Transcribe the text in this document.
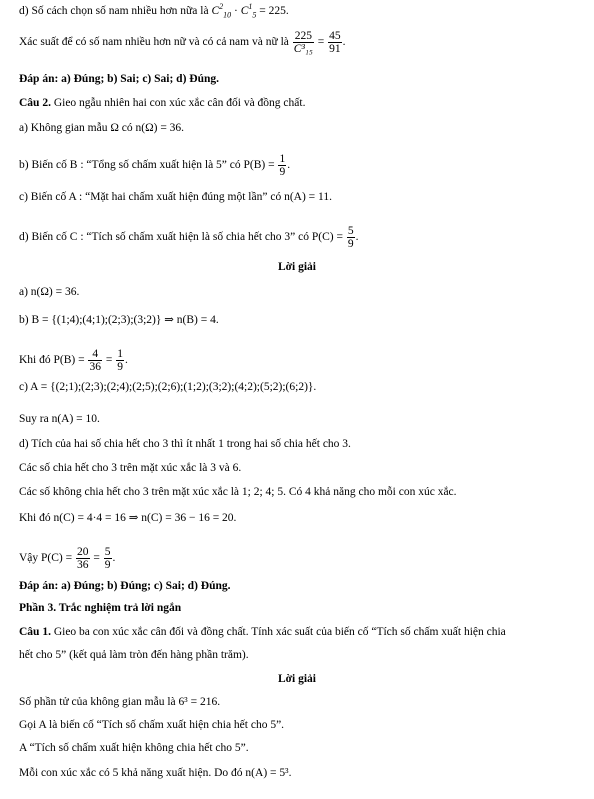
d) Số cách chọn số nam nhiều hơn nữa là $C^2_{10} \cdot C^1_5 = 225$.
Xác suất để có số nam nhiều hơn nữ và có cả nam và nữ là $\frac{225}{\text{C³₁₅}} = \frac{45}{91}$ .
Đáp án: a) Đúng; b) Sai; c) Sai; d) Đúng.
Câu 2. Gieo ngẫu nhiên hai con xúc xắc cân đối và đồng chất.
a) Không gian mẫu Ω có n(Ω) = 36.
b) Biến cố B : “Tổng số chấm xuất hiện là 5” có $P(B) = \frac{1}{9}$ .
c) Biến cố A : “Mặt hai chấm xuất hiện đúng một lần” có n(A) = 11.
d) Biến cố C : “Tích số chấm xuất hiện là số chia hết cho 3” có $P(C) = \frac{5}{9}$ .
Lời giải
a) n(Ω) = 36.
b) B = {(1;4);(4;1);(2;3);(3;2)} ⇒ n(B) = 4.
Khi đó $P(B) = \frac{4}{36} = \frac{1}{9}$ .
c) A = {(2;1);(2;3);(2;4);(2;5);(2;6);(1;2);(3;2);(4;2);(5;2);(6;2)}.
Suy ra n(A) = 10.
d) Tích của hai số chia hết cho 3 thì ít nhất 1 trong hai số chia hết cho 3.
Các số chia hết cho 3 trên mặt xúc xắc là 3 và 6.
Các số không chia hết cho 3 trên mặt xúc xắc là 1; 2; 4; 5. Có 4 khả năng cho mỗi con xúc xắc.
Khi đó n(C) = 4·4 = 16 ⇒ n(C) = 36 − 16 = 20.
Vậy $P(C) = \frac{20}{36} = \frac{5}{9}$ .
Đáp án: a) Đúng; b) Đúng; c) Sai; d) Đúng.
Phần 3. Trắc nghiệm trả lời ngắn
Câu 1. Gieo ba con xúc xắc cân đối và đồng chất. Tính xác suất của biến cố “Tích số chấm xuất hiện chia
hết cho 5” (kết quả làm tròn đến hàng phần trăm).
Lời giải
Số phần tử của không gian mẫu là 6³ = 216.
Gọi A là biến cố “Tích số chấm xuất hiện chia hết cho 5”.
A “Tích số chấm xuất hiện không chia hết cho 5”.
Mỗi con xúc xắc có 5 khả năng xuất hiện. Do đó n(A) = 5³.
